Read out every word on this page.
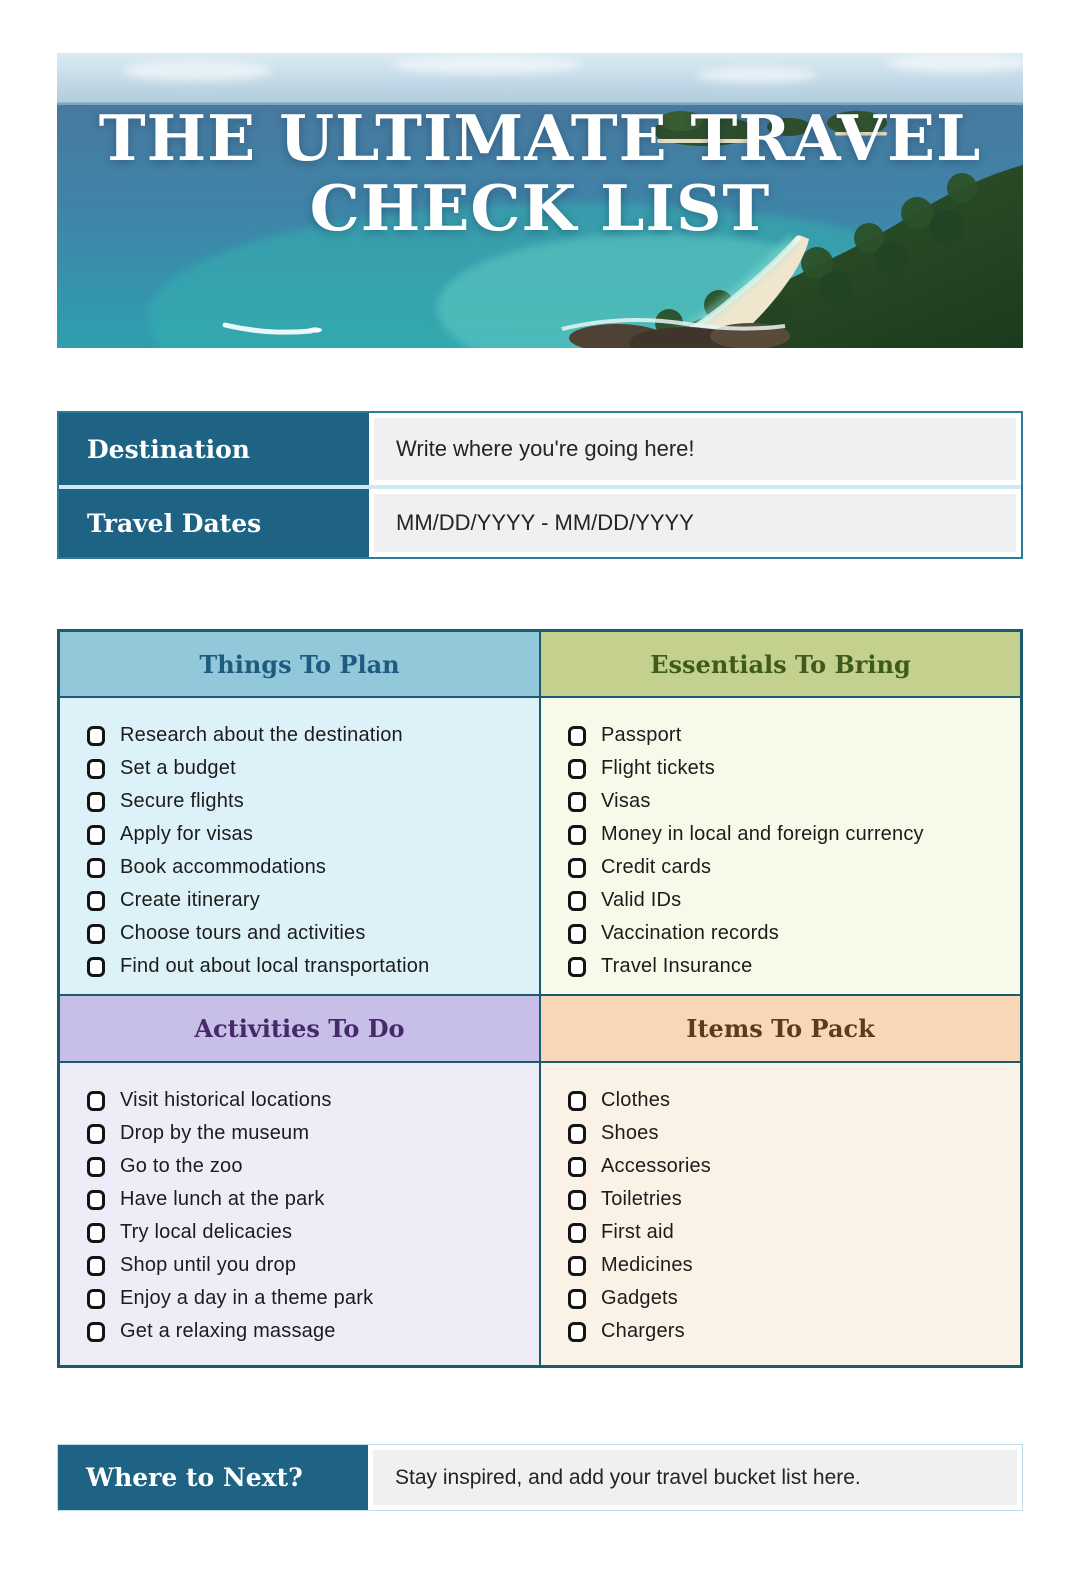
THE ULTIMATE TRAVEL
CHECK LIST
Destination	Write where you're going here!
Travel Dates	MM/DD/YYYY - MM/DD/YYYY
Things To Plan	Essentials To Bring
Research about the destination
Set a budget
Secure flights
Apply for visas
Book accommodations
Create itinerary
Choose tours and activities
Find out about local transportation
Passport
Flight tickets
Visas
Money in local and foreign currency
Credit cards
Valid IDs
Vaccination records
Travel Insurance
Activities To Do	Items To Pack
Visit historical locations
Drop by the museum
Go to the zoo
Have lunch at the park
Try local delicacies
Shop until you drop
Enjoy a day in a theme park
Get a relaxing massage
Clothes
Shoes
Accessories
Toiletries
First aid
Medicines
Gadgets
Chargers
Where to Next?	Stay inspired, and add your travel bucket list here.
